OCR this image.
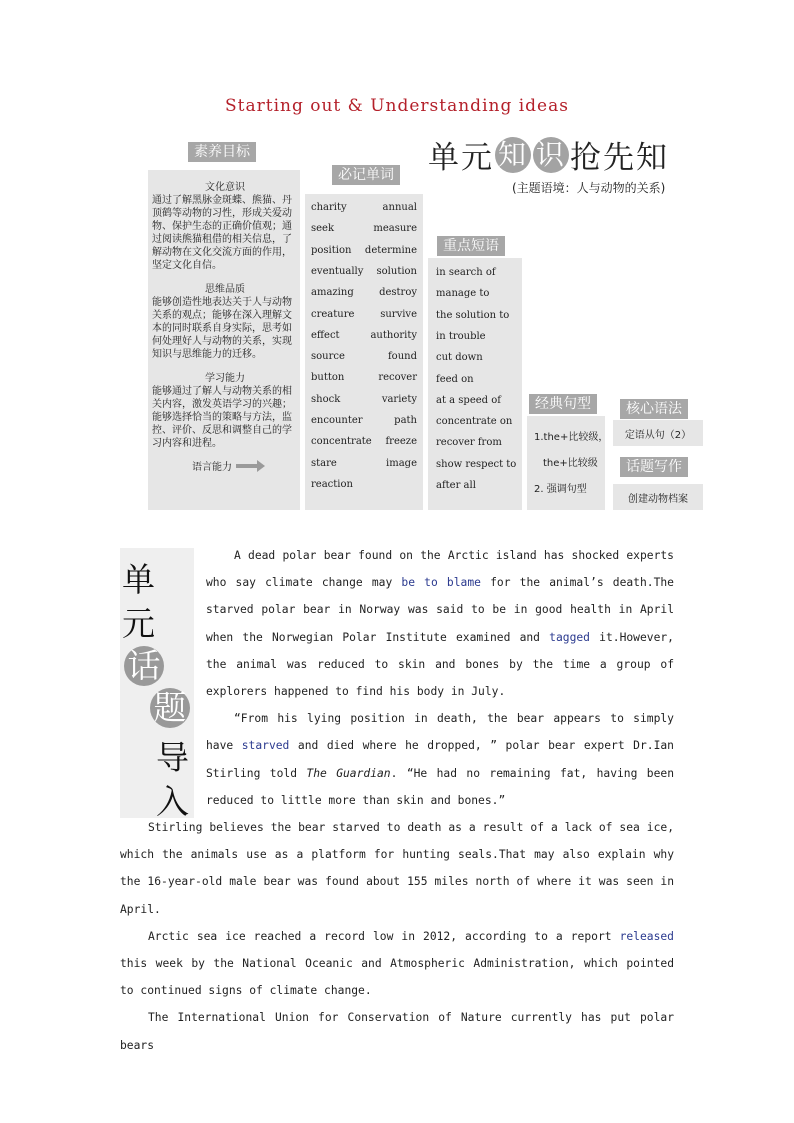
Starting out & Understanding ideas
单 元 知 识 抢 先 知
(主题语境：人与动物的关系)
素养目标
文化意识
通过了解黑脉金斑蝶、熊猫、丹顶鹤等动物的习性，形成关爱动物、保护生态的正确价值观；通过阅读熊猫租借的相关信息，了解动物在文化交流方面的作用，坚定文化自信。
思维品质
能够创造性地表达关于人与动物关系的观点；能够在深入理解文本的同时联系自身实际，思考如何处理好人与动物的关系，实现知识与思维能力的迁移。
学习能力
能够通过了解人与动物关系的相关内容，激发英语学习的兴趣；能够选择恰当的策略与方法，监控、评价、反思和调整自己的学习内容和进程。
语言能力
必记单词
charity	annual
seek	measure
position determine
eventually solution
amazing	destroy
creature	survive
effect	authority
source	found
button	recover
shock	variety
encounter	path
concentrate freeze
stare	image
reaction
重点短语
in search of
manage to
the solution to
in trouble
cut down
feed on
at a speed of
concentrate on
recover from
show respect to
after all
经典句型
1.the+比较级，
the+比较级
2. 强调句型
核心语法
定语从句（2）
话题写作
创建动物档案
单
元
话
题
导
入

A dead polar bear found on the Arctic island has shocked experts who say climate change may be to blame for the animal’s death.The starved polar bear in Norway was said to be in good health in April when the Norwegian Polar Institute examined and tagged it.However, the animal was reduced to skin and bones by the time a group of explorers happened to find his body in July.

“From his lying position in death, the bear appears to simply have starved and died where he dropped, ” polar bear expert Dr.Ian Stirling told The Guardian. “He had no remaining fat, having been reduced to little more than skin and bones.”

Stirling believes the bear starved to death as a result of a lack of sea ice, which the animals use as a platform for hunting seals.That may also explain why the 16-year-old male bear was found about 155 miles north of where it was seen in April.

Arctic sea ice reached a record low in 2012, according to a report released this week by the National Oceanic and Atmospheric Administration, which pointed to continued signs of climate change.

The International Union for Conservation of Nature currently has put polar bears
